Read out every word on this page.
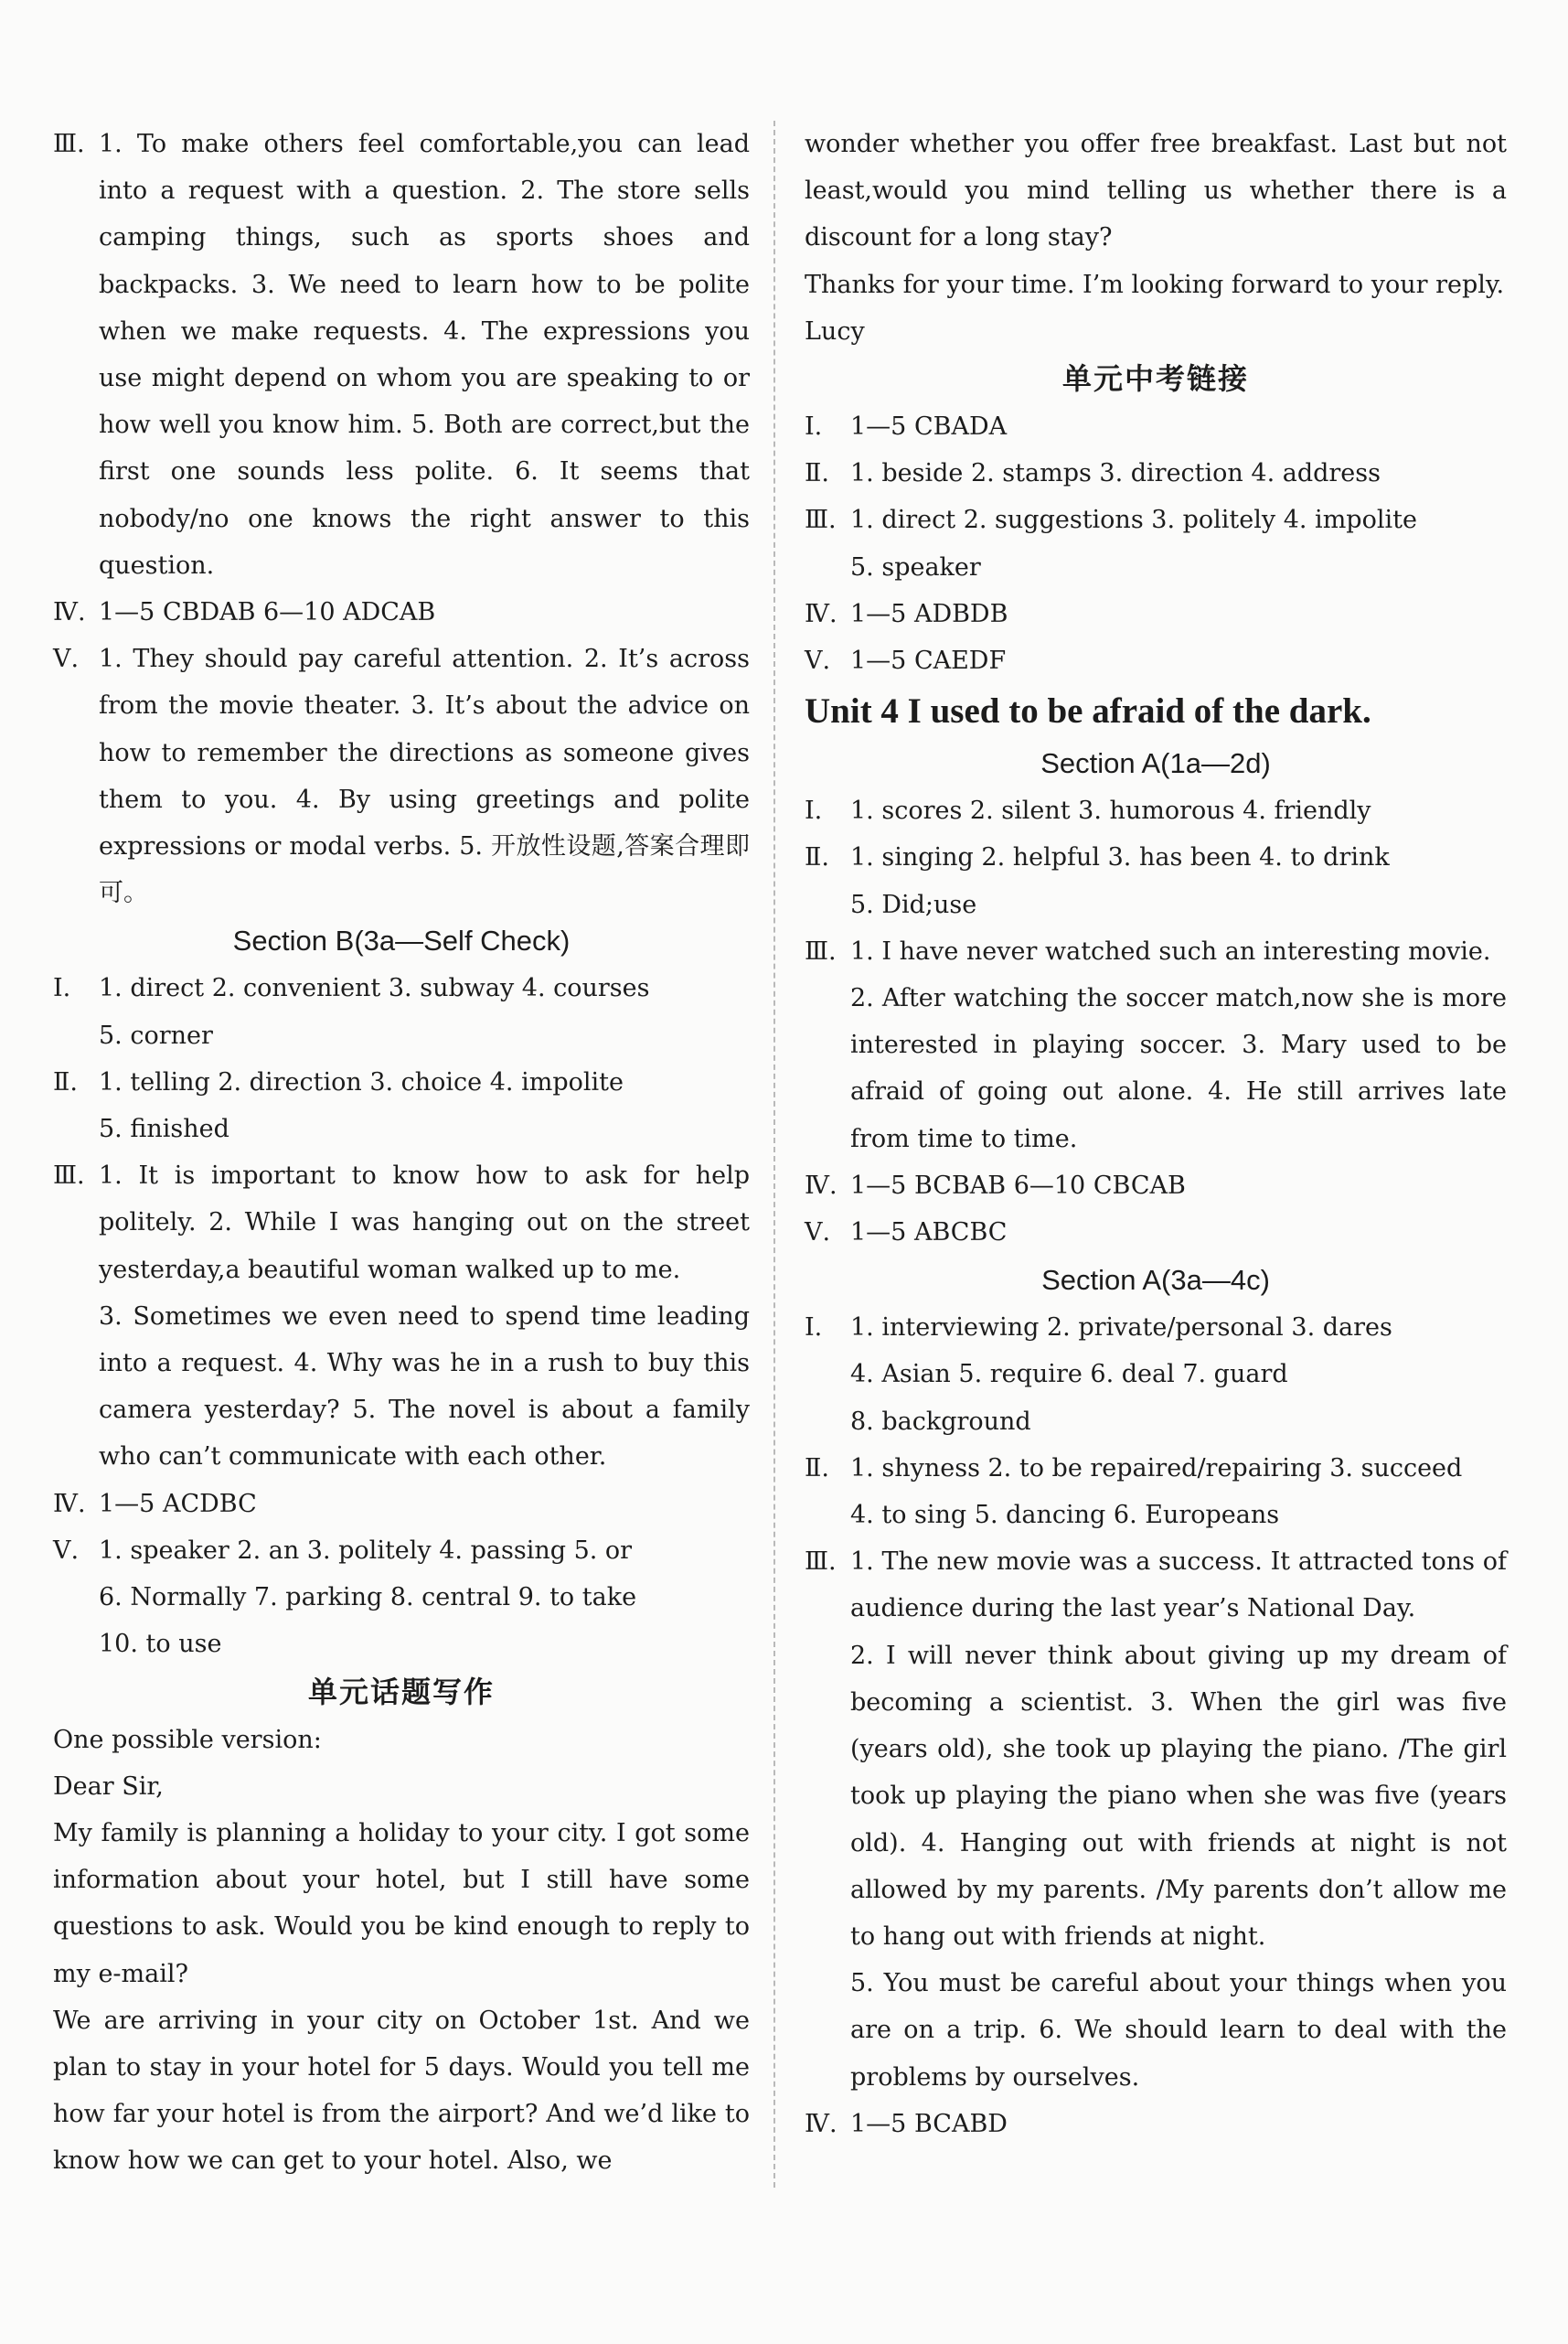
Ⅲ. 1. To make others feel comfortable,you can lead into a request with a question. 2. The store sells camping things, such as sports shoes and backpacks. 3. We need to learn how to be polite when we make requests. 4. The expressions you use might depend on whom you are speaking to or how well you know him. 5. Both are correct,but the first one sounds less polite. 6. It seems that nobody/no one knows the right answer to this question.

Ⅳ. 1—5 CBDAB 6—10 ADCAB

Ⅴ. 1. They should pay careful attention. 2. It’s across from the movie theater. 3. It’s about the advice on how to remember the directions as someone gives them to you. 4. By using greetings and polite expressions or modal verbs. 5. 开放性设题,答案合理即可。

Section B(3a—Self Check)

Ⅰ. 1. direct 2. convenient 3. subway 4. courses

5. corner

Ⅱ. 1. telling 2. direction 3. choice 4. impolite

5. finished

Ⅲ. 1. It is important to know how to ask for help politely. 2. While I was hanging out on the street yesterday,a beautiful woman walked up to me.

3. Sometimes we even need to spend time leading into a request. 4. Why was he in a rush to buy this camera yesterday? 5. The novel is about a family who can’t communicate with each other.

Ⅳ. 1—5 ACDBC

Ⅴ. 1. speaker 2. an 3. politely 4. passing 5. or

6. Normally 7. parking 8. central 9. to take

10. to use

单元话题写作

One possible version:

Dear Sir,

My family is planning a holiday to your city. I got some information about your hotel, but I still have some questions to ask. Would you be kind enough to reply to my e-mail?

We are arriving in your city on October 1st. And we plan to stay in your hotel for 5 days. Would you tell me how far your hotel is from the airport? And we’d like to know how we can get to your hotel. Also, we

wonder whether you offer free breakfast. Last but not least,would you mind telling us whether there is a discount for a long stay?

Thanks for your time. I’m looking forward to your reply.

Lucy

单元中考链接

Ⅰ. 1—5 CBADA

Ⅱ. 1. beside 2. stamps 3. direction 4. address

Ⅲ. 1. direct 2. suggestions 3. politely 4. impolite

5. speaker

Ⅳ. 1—5 ADBDB

Ⅴ. 1—5 CAEDF

Unit 4 I used to be afraid of the dark.

Section A(1a—2d)

Ⅰ. 1. scores 2. silent 3. humorous 4. friendly

Ⅱ. 1. singing 2. helpful 3. has been 4. to drink

5. Did;use

Ⅲ. 1. I have never watched such an interesting movie.

2. After watching the soccer match,now she is more interested in playing soccer. 3. Mary used to be afraid of going out alone. 4. He still arrives late from time to time.

Ⅳ. 1—5 BCBAB 6—10 CBCAB

Ⅴ. 1—5 ABCBC

Section A(3a—4c)

Ⅰ. 1. interviewing 2. private/personal 3. dares

4. Asian 5. require 6. deal 7. guard

8. background

Ⅱ. 1. shyness 2. to be repaired/repairing 3. succeed

4. to sing 5. dancing 6. Europeans

Ⅲ. 1. The new movie was a success. It attracted tons of audience during the last year’s National Day.

2. I will never think about giving up my dream of becoming a scientist. 3. When the girl was five (years old), she took up playing the piano. /The girl took up playing the piano when she was five (years old). 4. Hanging out with friends at night is not allowed by my parents. /My parents don’t allow me to hang out with friends at night.

5. You must be careful about your things when you are on a trip. 6. We should learn to deal with the problems by ourselves.

Ⅳ. 1—5 BCABD
